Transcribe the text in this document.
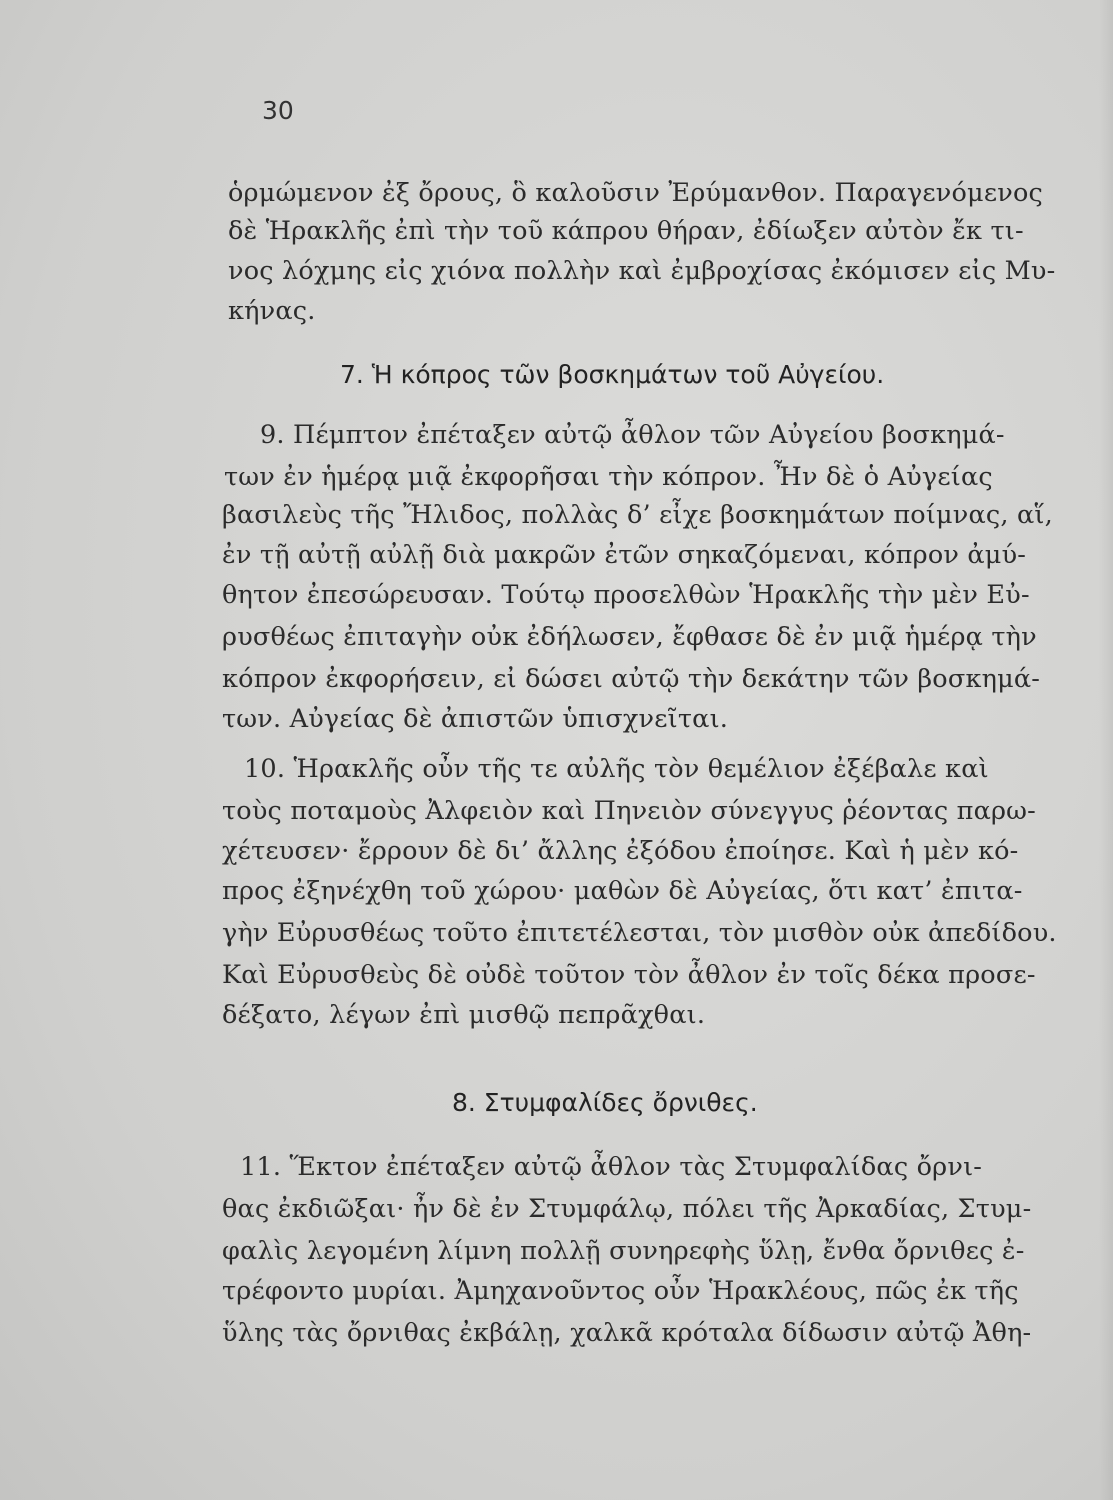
30
ὁρμώμενον ἐξ ὄρους, ὃ καλοῦσιν Ἐρύμανθον. Παραγενόμενος
δὲ Ἡρακλῆς ἐπὶ τὴν τοῦ κάπρου θήραν, ἐδίωξεν αὐτὸν ἔκ τι-
νος λόχμης εἰς χιόνα πολλὴν καὶ ἐμβροχίσας ἐκόμισεν εἰς Μυ-
κήνας.
7. Ἡ κόπρος τῶν βοσκημάτων τοῦ Αὐγείου.
9. Πέμπτον ἐπέταξεν αὐτῷ ἆθλον τῶν Αὐγείου βοσκημά-
των ἐν ἡμέρᾳ μιᾷ ἐκφορῆσαι τὴν κόπρον. Ἦν δὲ ὁ Αὐγείας
βασιλεὺς τῆς Ἤλιδος, πολλὰς δ’ εἶχε βοσκημάτων ποίμνας, αἵ,
ἐν τῇ αὐτῇ αὐλῇ διὰ μακρῶν ἐτῶν σηκαζόμεναι, κόπρον ἀμύ-
θητον ἐπεσώρευσαν. Τούτῳ προσελθὼν Ἡρακλῆς τὴν μὲν Εὐ-
ρυσθέως ἐπιταγὴν οὐκ ἐδήλωσεν, ἔφθασε δὲ ἐν μιᾷ ἡμέρᾳ τὴν
κόπρον ἐκφορήσειν, εἰ δώσει αὐτῷ τὴν δεκάτην τῶν βοσκημά-
των. Αὐγείας δὲ ἀπιστῶν ὑπισχνεῖται.
10. Ἡρακλῆς οὖν τῆς τε αὐλῆς τὸν θεμέλιον ἐξέβαλε καὶ
τοὺς ποταμοὺς Ἀλφειὸν καὶ Πηνειὸν σύνεγγυς ῥέοντας παρω-
χέτευσεν· ἔρρουν δὲ δι’ ἄλλης ἐξόδου ἐποίησε. Καὶ ἡ μὲν κό-
προς ἐξηνέχθη τοῦ χώρου· μαθὼν δὲ Αὐγείας, ὅτι κατ’ ἐπιτα-
γὴν Εὐρυσθέως τοῦτο ἐπιτετέλεσται, τὸν μισθὸν οὐκ ἀπεδίδου.
Καὶ Εὐρυσθεὺς δὲ οὐδὲ τοῦτον τὸν ἆθλον ἐν τοῖς δέκα προσε-
δέξατο, λέγων ἐπὶ μισθῷ πεπρᾶχθαι.
8. Στυμφαλίδες ὄρνιθες.
11. Ἕκτον ἐπέταξεν αὐτῷ ἆθλον τὰς Στυμφαλίδας ὄρνι-
θας ἐκδιῶξαι· ἦν δὲ ἐν Στυμφάλῳ, πόλει τῆς Ἀρκαδίας, Στυμ-
φαλὶς λεγομένη λίμνη πολλῇ συνηρεφὴς ὕλῃ, ἔνθα ὄρνιθες ἐ-
τρέφοντο μυρίαι. Ἀμηχανοῦντος οὖν Ἡρακλέους, πῶς ἐκ τῆς
ὕλης τὰς ὄρνιθας ἐκβάλῃ, χαλκᾶ κρόταλα δίδωσιν αὐτῷ Ἀθη-
